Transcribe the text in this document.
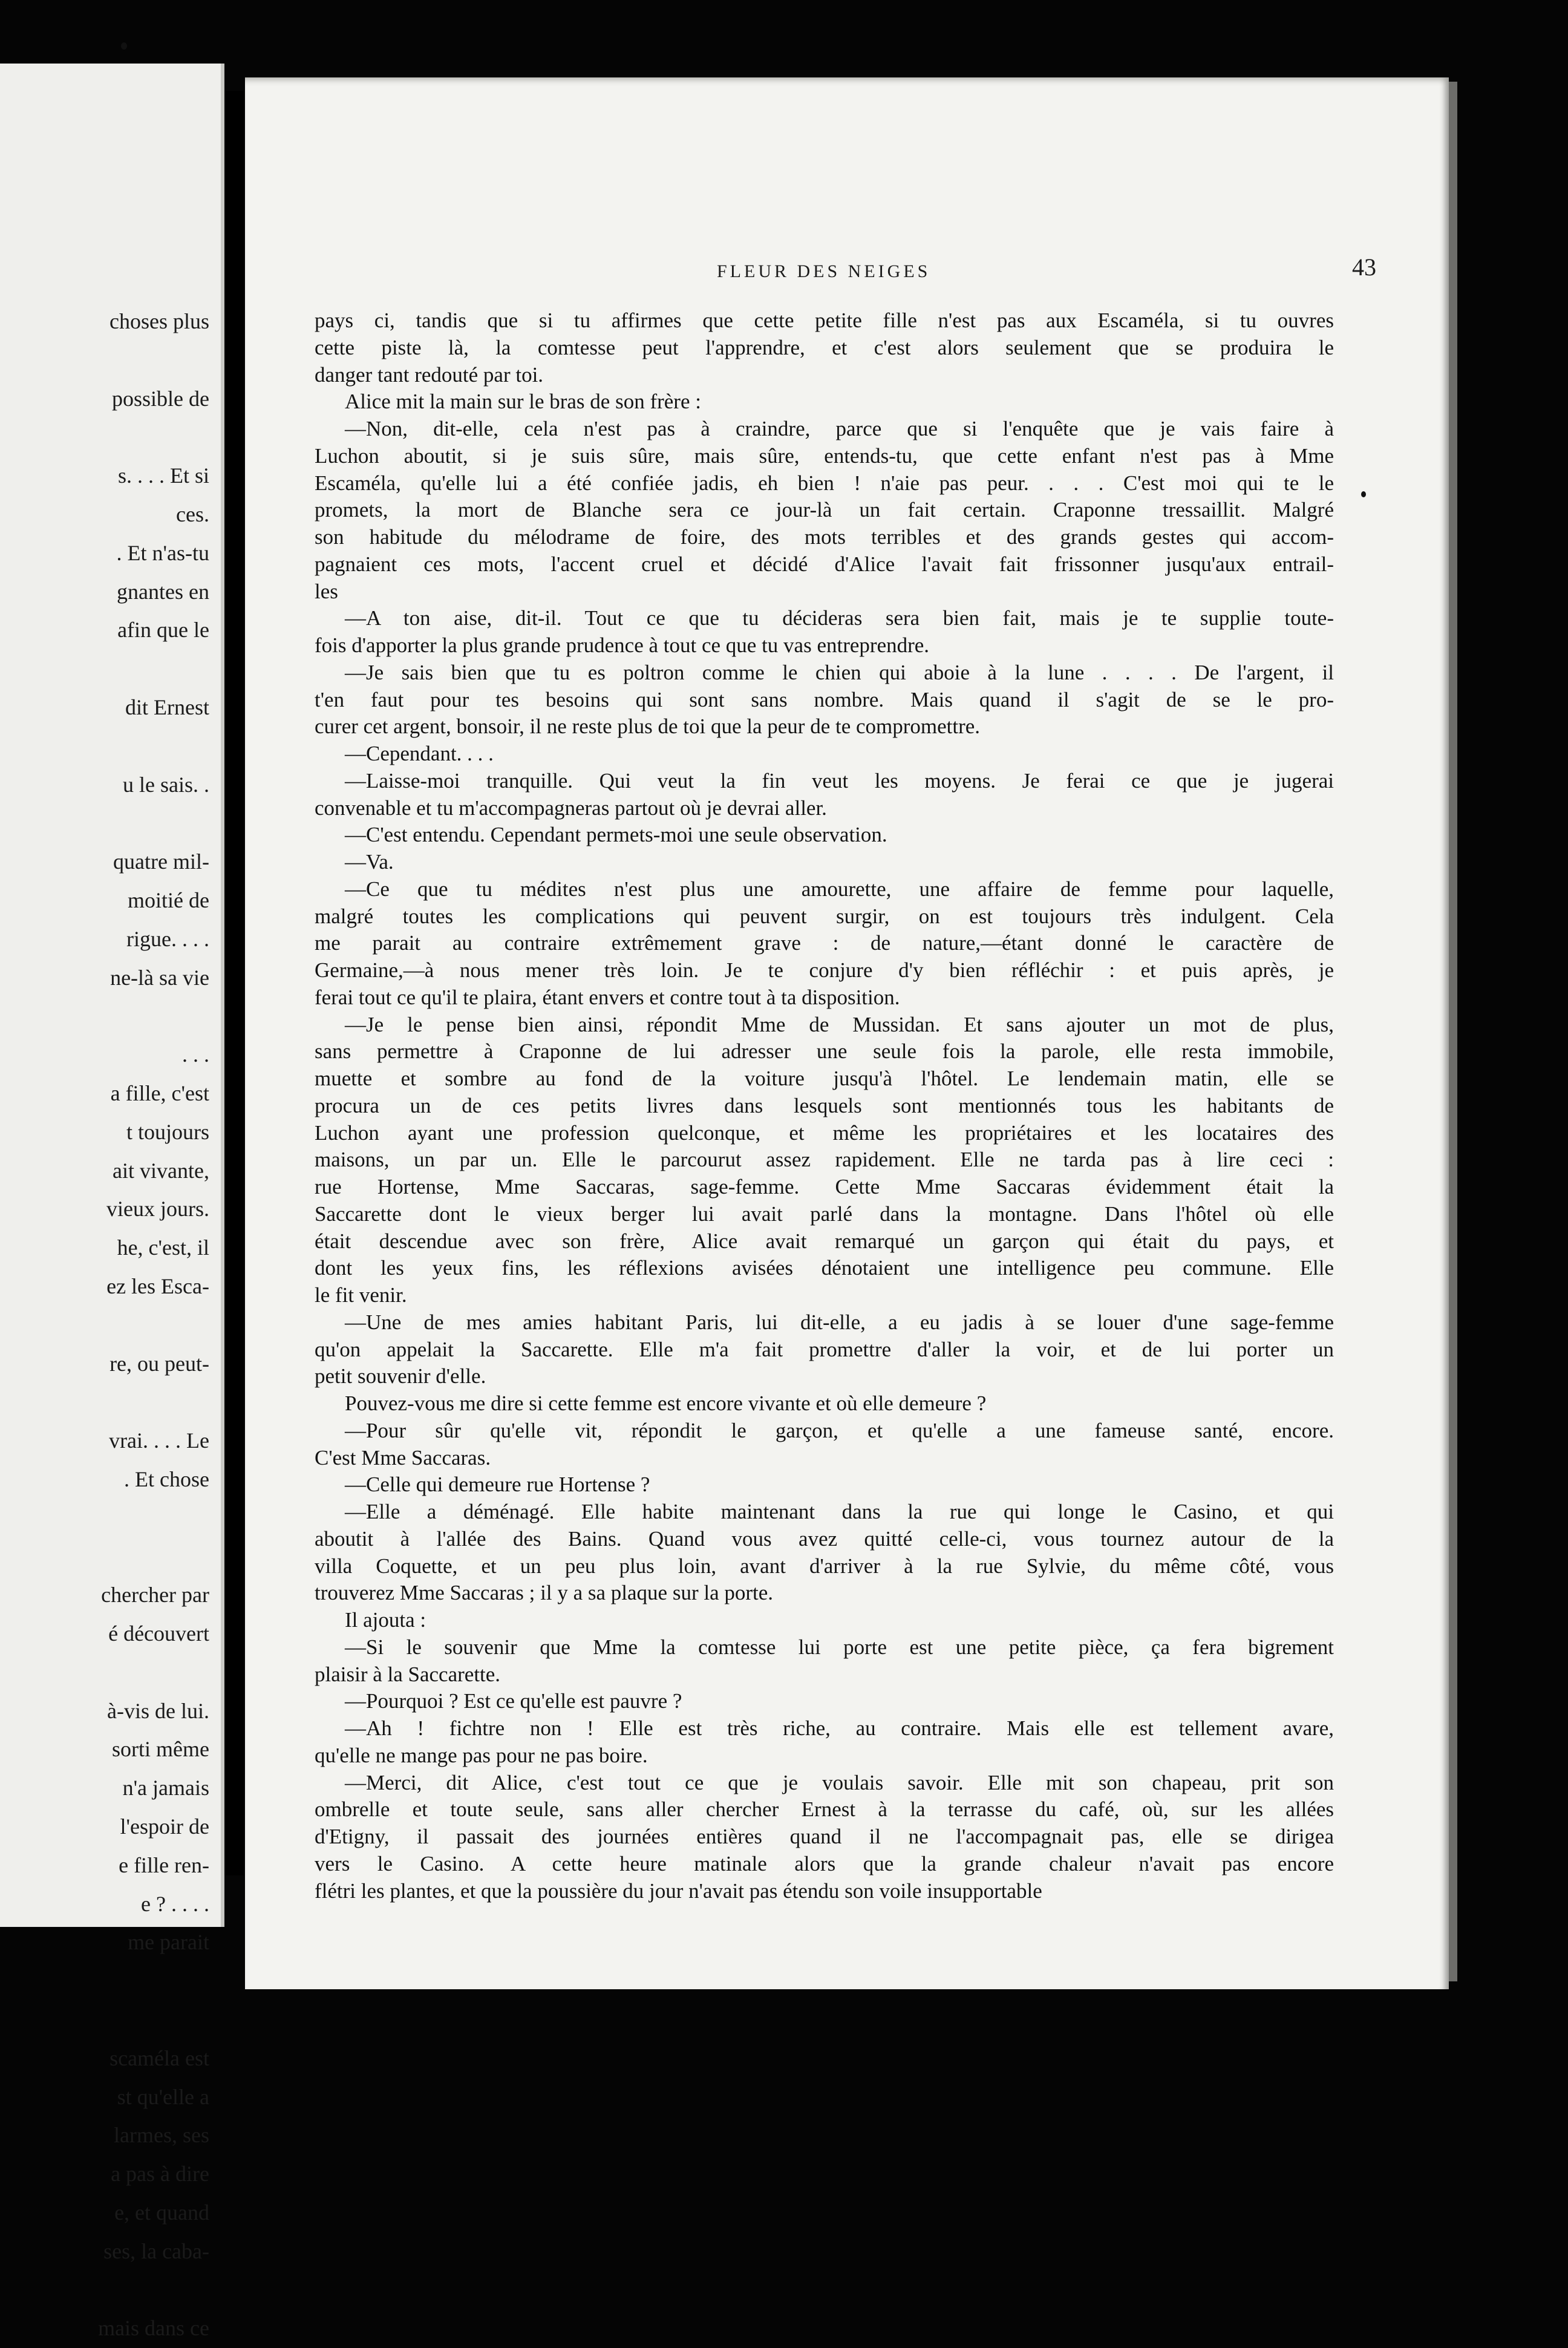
choses plus
possible de
s. . . . Et si
ces.
. Et n'as-tu
gnantes en
afin que le
dit Ernest
u le sais. .
quatre mil-
moitié de
rigue. . . .
ne-là sa vie
. . .
a fille, c'est
t toujours
ait vivante,
vieux jours.
he, c'est, il
ez les Esca-
re, ou peut-
vrai. . . . Le
. Et chose
chercher par
é découvert
à-vis de lui.
sorti même
n'a jamais
l'espoir de
e fille ren-
e ? . . . .
me parait
scaméla est
st qu'elle a
larmes, ses
a pas à dire
e, et quand
ses, la caba-
mais dans ce
FLEUR DES NEIGES	43
pays ci, tandis que si tu affirmes que cette petite fille n'est pas aux Escaméla, si tu ouvres
cette piste là, la comtesse peut l'apprendre, et c'est alors seulement que se produira le
danger tant redouté par toi.
Alice mit la main sur le bras de son frère :
—Non, dit-elle, cela n'est pas à craindre, parce que si l'enquête que je vais faire à
Luchon aboutit, si je suis sûre, mais sûre, entends-tu, que cette enfant n'est pas à Mme
Escaméla, qu'elle lui a été confiée jadis, eh bien ! n'aie pas peur. . . . C'est moi qui te le
promets, la mort de Blanche sera ce jour-là un fait certain. Craponne tressaillit. Malgré
son habitude du mélodrame de foire, des mots terribles et des grands gestes qui accom-
pagnaient ces mots, l'accent cruel et décidé d'Alice l'avait fait frissonner jusqu'aux entrail-
les
—A ton aise, dit-il. Tout ce que tu décideras sera bien fait, mais je te supplie toute-
fois d'apporter la plus grande prudence à tout ce que tu vas entreprendre.
—Je sais bien que tu es poltron comme le chien qui aboie à la lune . . . . De l'argent, il
t'en faut pour tes besoins qui sont sans nombre. Mais quand il s'agit de se le pro-
curer cet argent, bonsoir, il ne reste plus de toi que la peur de te compromettre.
—Cependant. . . .
—Laisse-moi tranquille. Qui veut la fin veut les moyens. Je ferai ce que je jugerai
convenable et tu m'accompagneras partout où je devrai aller.
—C'est entendu. Cependant permets-moi une seule observation.
—Va.
—Ce que tu médites n'est plus une amourette, une affaire de femme pour laquelle,
malgré toutes les complications qui peuvent surgir, on est toujours très indulgent. Cela
me parait au contraire extrêmement grave : de nature,—étant donné le caractère de
Germaine,—à nous mener très loin. Je te conjure d'y bien réfléchir : et puis après, je
ferai tout ce qu'il te plaira, étant envers et contre tout à ta disposition.
—Je le pense bien ainsi, répondit Mme de Mussidan. Et sans ajouter un mot de plus,
sans permettre à Craponne de lui adresser une seule fois la parole, elle resta immobile,
muette et sombre au fond de la voiture jusqu'à l'hôtel. Le lendemain matin, elle se
procura un de ces petits livres dans lesquels sont mentionnés tous les habitants de
Luchon ayant une profession quelconque, et même les propriétaires et les locataires des
maisons, un par un. Elle le parcourut assez rapidement. Elle ne tarda pas à lire ceci :
rue Hortense, Mme Saccaras, sage-femme. Cette Mme Saccaras évidemment était la
Saccarette dont le vieux berger lui avait parlé dans la montagne. Dans l'hôtel où elle
était descendue avec son frère, Alice avait remarqué un garçon qui était du pays, et
dont les yeux fins, les réflexions avisées dénotaient une intelligence peu commune. Elle
le fit venir.
—Une de mes amies habitant Paris, lui dit-elle, a eu jadis à se louer d'une sage-femme
qu'on appelait la Saccarette. Elle m'a fait promettre d'aller la voir, et de lui porter un
petit souvenir d'elle.
Pouvez-vous me dire si cette femme est encore vivante et où elle demeure ?
—Pour sûr qu'elle vit, répondit le garçon, et qu'elle a une fameuse santé, encore.
C'est Mme Saccaras.
—Celle qui demeure rue Hortense ?
—Elle a déménagé. Elle habite maintenant dans la rue qui longe le Casino, et qui
aboutit à l'allée des Bains. Quand vous avez quitté celle-ci, vous tournez autour de la
villa Coquette, et un peu plus loin, avant d'arriver à la rue Sylvie, du même côté, vous
trouverez Mme Saccaras ; il y a sa plaque sur la porte.
Il ajouta :
—Si le souvenir que Mme la comtesse lui porte est une petite pièce, ça fera bigrement
plaisir à la Saccarette.
—Pourquoi ? Est ce qu'elle est pauvre ?
—Ah ! fichtre non ! Elle est très riche, au contraire. Mais elle est tellement avare,
qu'elle ne mange pas pour ne pas boire.
—Merci, dit Alice, c'est tout ce que je voulais savoir. Elle mit son chapeau, prit son
ombrelle et toute seule, sans aller chercher Ernest à la terrasse du café, où, sur les allées
d'Etigny, il passait des journées entières quand il ne l'accompagnait pas, elle se dirigea
vers le Casino. A cette heure matinale alors que la grande chaleur n'avait pas encore
flétri les plantes, et que la poussière du jour n'avait pas étendu son voile insupportable
